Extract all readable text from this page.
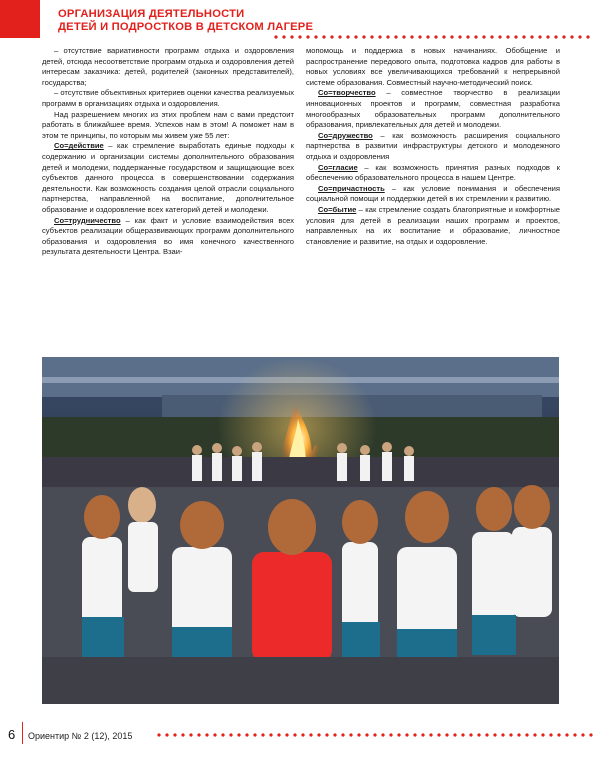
ОРГАНИЗАЦИЯ ДЕЯТЕЛЬНОСТИ
ДЕТЕЙ И ПОДРОСТКОВ В ДЕТСКОМ ЛАГЕРЕ

– отсутствие вариативности программ отдыха и оздоровления детей, отсюда несоответствие программ отдыха и оздоровления детей интересам заказчика: детей, родителей (законных представителей), государства;

– отсутствие объективных критериев оценки качества реализуемых программ в организациях отдыха и оздоровления.

Над разрешением многих из этих проблем нам с вами предстоит работать в ближайшее время. Успехов нам в этом! А поможет нам в этом те принципы, по которым мы живем уже 55 лет:

Со=действие – как стремление выработать единые подходы к содержанию и организации системы дополнительного образования детей и молодежи, поддержанные государством и защищающие всех субъектов данного процесса в совершенствовании содержания деятельности. Как возможность создания целой отрасли социального партнерства, направленной на воспитание, дополнительное образование и оздоровление всех категорий детей и молодежи.

Со=трудничество – как факт и условие взаимодействия всех субъектов реализации общеразвивающих программ дополнительного образования и оздоровления во имя конечного качественного результата деятельности Центра. Взаи-

мопомощь и поддержка в новых начинаниях. Обобщение и распространение передового опыта, подготовка кадров для работы в новых условиях все увеличивающихся требований к непрерывной системе образования. Совместный научно-методический поиск.

Со=творчество – совместное творчество в реализации инновационных проектов и программ, совместная разработка многообразных образовательных программ дополнительного образования, привлекательных для детей и молодежи.

Со=дружество – как возможность расширения социального партнерства в развитии инфраструктуры детского и молодежного отдыха и оздоровления

Со=гласие – как возможность принятия разных подходов к обеспечению образовательного процесса в нашем Центре.

Со=причастность – как условие понимания и обеспечения социальной помощи и поддержки детей в их стремлении к развитию.

Со=бытие – как стремление создать благоприятные и комфортные условия для детей в реализации наших программ и проектов, направленных на их воспитание и образование, личностное становление и развитие, на отдых и оздоровление.

6 Ориентир № 2 (12), 2015
